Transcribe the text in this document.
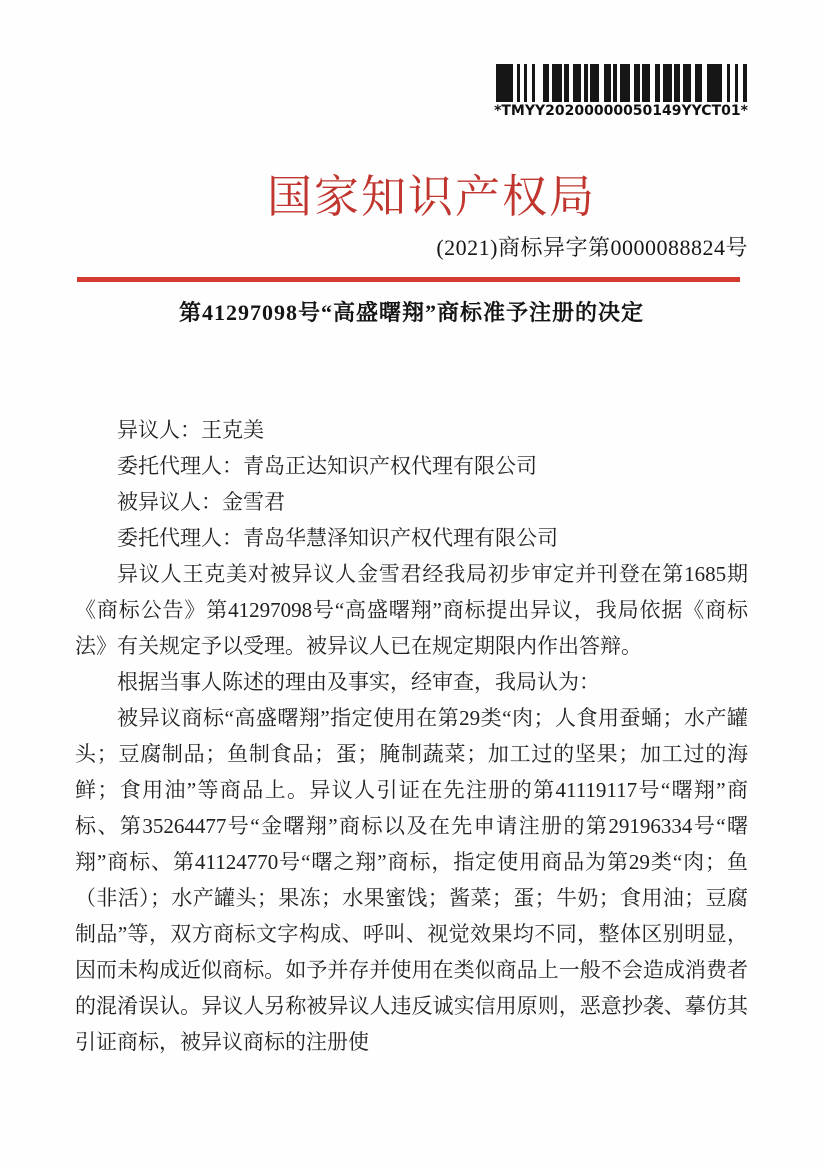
*TMYY20200000050149YYCT01*
国家知识产权局
(2021)商标异字第0000088824号
第41297098号“高盛曙翔”商标准予注册的决定

异议人：王克美

委托代理人：青岛正达知识产权代理有限公司

被异议人：金雪君

委托代理人：青岛华慧泽知识产权代理有限公司

异议人王克美对被异议人金雪君经我局初步审定并刊登在第1685期《商标公告》第41297098号“高盛曙翔”商标提出异议，我局依据《商标法》有关规定予以受理。被异议人已在规定期限内作出答辩。

根据当事人陈述的理由及事实，经审查，我局认为：

被异议商标“高盛曙翔”指定使用在第29类“肉；人食用蚕蛹；水产罐头；豆腐制品；鱼制食品；蛋；腌制蔬菜；加工过的坚果；加工过的海鲜；食用油”等商品上。异议人引证在先注册的第41119117号“曙翔”商标、第35264477号“金曙翔”商标以及在先申请注册的第29196334号“曙翔”商标、第41124770号“曙之翔”商标，指定使用商品为第29类“肉；鱼（非活）；水产罐头；果冻；水果蜜饯；酱菜；蛋；牛奶；食用油；豆腐制品”等，双方商标文字构成、呼叫、视觉效果均不同，整体区别明显，因而未构成近似商标。如予并存并使用在类似商品上一般不会造成消费者的混淆误认。异议人另称被异议人违反诚实信用原则，恶意抄袭、摹仿其引证商标，被异议商标的注册使
